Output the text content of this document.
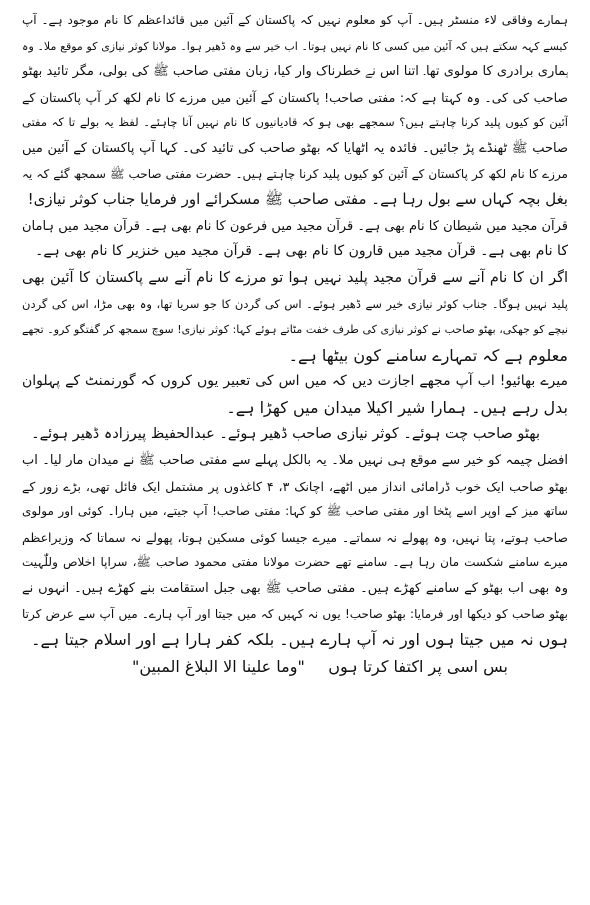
ہمارے وفاقی لاء منسٹر ہیں۔ آپ کو معلوم نہیں کہ پاکستان کے آئین میں قائداعظم کا نام موجود ہے۔ آپ
کیسے کہہ سکتے ہیں کہ آئین میں کسی کا نام نہیں ہوتا۔ اب خیر سے وہ ڈھیر ہوا۔ مولانا کوثر نیازی کو موقع ملا۔ وہ
ہماری برادری کا مولوی تھا۔ اتنا اس نے خطرناک وار کیا، زبان مفتی صاحب ﷺ کی بولی، مگر تائید بھٹو
صاحب کی کی۔ وہ کہتا ہے کہ: مفتی صاحب! پاکستان کے آئین میں مرزے کا نام لکھ کر آپ پاکستان کے
آئین کو کیوں پلید کرنا چاہتے ہیں؟ سمجھے بھی ہو کہ قادیانیوں کا نام نہیں آنا چاہئے۔ لفظ یہ بولے تا کہ مفتی
صاحب ﷺ ٹھنڈے پڑ جائیں۔ فائدہ یہ اٹھایا کہ بھٹو صاحب کی تائید کی۔ کہا آپ پاکستان کے آئین میں
مرزے کا نام لکھ کر پاکستان کے آئین کو کیوں پلید کرنا چاہتے ہیں۔ حضرت مفتی صاحب ﷺ سمجھ گئے کہ یہ
بغل بچہ کہاں سے بول رہا ہے۔ مفتی صاحب ﷺ مسکرائے اور فرمایا جناب کوثر نیازی!
قرآن مجید میں شیطان کا نام بھی ہے۔ قرآن مجید میں فرعون کا نام بھی ہے۔ قرآن مجید میں ہامان
کا نام بھی ہے۔ قرآن مجید میں قارون کا نام بھی ہے۔ قرآن مجید میں خنزیر کا نام بھی ہے۔
اگر ان کا نام آنے سے قرآن مجید پلید نہیں ہوا تو مرزے کا نام آنے سے پاکستان کا آئین بھی
پلید نہیں ہوگا۔ جناب کوثر نیازی خیر سے ڈھیر ہوئے۔ اس کی گردن کا جو سریا تھا، وہ بھی مڑا، اس کی گردن
نیچے کو جھکی، بھٹو صاحب نے کوثر نیازی کی طرف خفت مٹاتے ہوئے کہا: کوثر نیازی! سوچ سمجھ کر گفتگو کرو۔ تجھے
معلوم ہے کہ تمہارے سامنے کون بیٹھا ہے۔
میرے بھائیو! اب آپ مجھے اجازت دیں کہ میں اس کی تعبیر یوں کروں کہ گورنمنٹ کے پہلوان
بدل رہے ہیں۔ ہمارا شیر اکیلا میدان میں کھڑا ہے۔
بھٹو صاحب چت ہوئے۔ کوثر نیازی صاحب ڈھیر ہوئے۔ عبدالحفیظ پیرزادہ ڈھیر ہوئے۔
افضل چیمہ کو خیر سے موقع ہی نہیں ملا۔ یہ بالکل پہلے سے مفتی صاحب ﷺ نے میدان مار لیا۔ اب
بھٹو صاحب ایک خوب ڈرامائی انداز میں اٹھے، اچانک ۳، ۴ کاغذوں پر مشتمل ایک فائل تھی، بڑے زور کے
ساتھ میز کے اوپر اسے پٹخا اور مفتی صاحب ﷺ کو کہا: مفتی صاحب! آپ جیتے، میں ہارا۔ کوئی اور مولوی
صاحب ہوتے، پتا نہیں، وہ پھولے نہ سماتے۔ میرے جیسا کوئی مسکین ہوتا، پھولے نہ سماتا کہ وزیراعظم
میرے سامنے شکست مان رہا ہے۔ سامنے تھے حضرت مولانا مفتی محمود صاحب ﷺ، سراپا اخلاص وللّٰہیت
وہ بھی اب بھٹو کے سامنے کھڑے ہیں۔ مفتی صاحب ﷺ بھی جبل استقامت بنے کھڑے ہیں۔ انہوں نے
بھٹو صاحب کو دیکھا اور فرمایا: بھٹو صاحب! یوں نہ کہیں کہ میں جیتا اور آپ ہارے۔ میں آپ سے عرض کرتا
ہوں نہ میں جیتا ہوں اور نہ آپ ہارے ہیں۔ بلکہ کفر ہارا ہے اور اسلام جیتا ہے۔
بس اسی پر اکتفا کرتا ہوں
"وما علینا الا البلاغ المبین"
